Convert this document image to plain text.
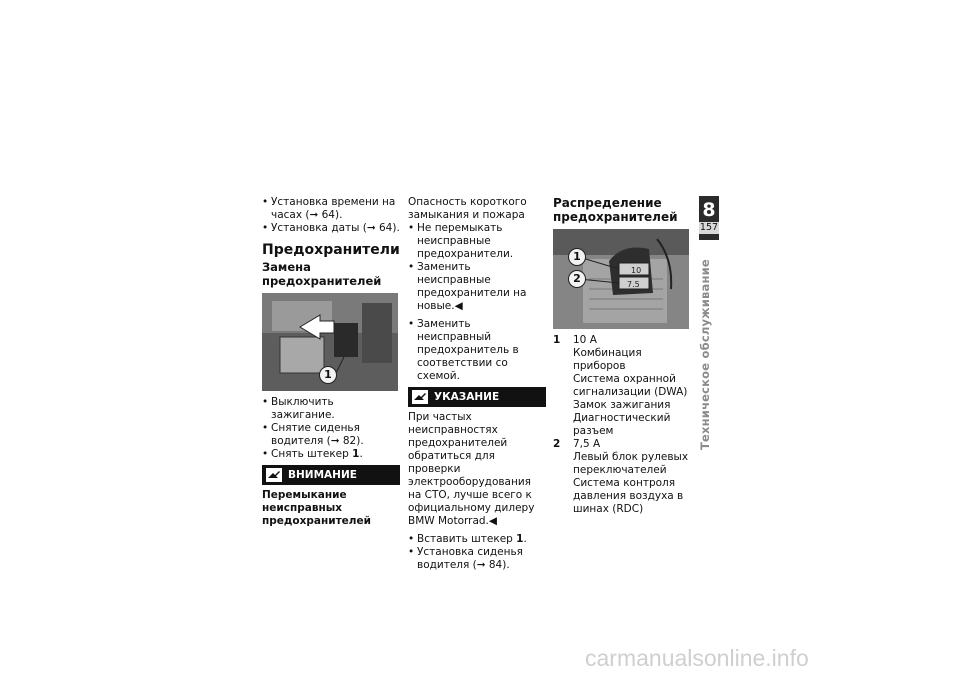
• Установка времени на часах (➞ 64).

• Установка даты (➞ 64).

Предохранители
Замена предохранителей
1

• Выключить зажигание.

• Снятие сиденья водителя (➞ 82).

• Снять штекер 1.

ВНИМАНИЕ
Перемыкание неисправных предохранителей
Опасность короткого замыкания и пожара

• Не перемыкать неисправные предохранители.

• Заменить неисправные предохранители на новые.◀

• Заменить неисправный предохранитель в соответствии со схемой.

УКАЗАНИЕ
При частых неисправностях предохранителей обратиться для проверки электрооборудования на СТО, лучше всего к официальному дилеру BMW Motorrad.◀

• Вставить штекер 1.

• Установка сиденья водителя (➞ 84).

Распределение предохранителей
10
7.5
1
2
1	10 A
Комбинация приборов
Система охранной сигнализации (DWA)
Замок зажигания
Диагностический разъем
2	7,5 A
Левый блок рулевых переключателей
Система контроля давления воздуха в шинах (RDC)
8
157
Техническое обслуживание
carmanualsonline.info
